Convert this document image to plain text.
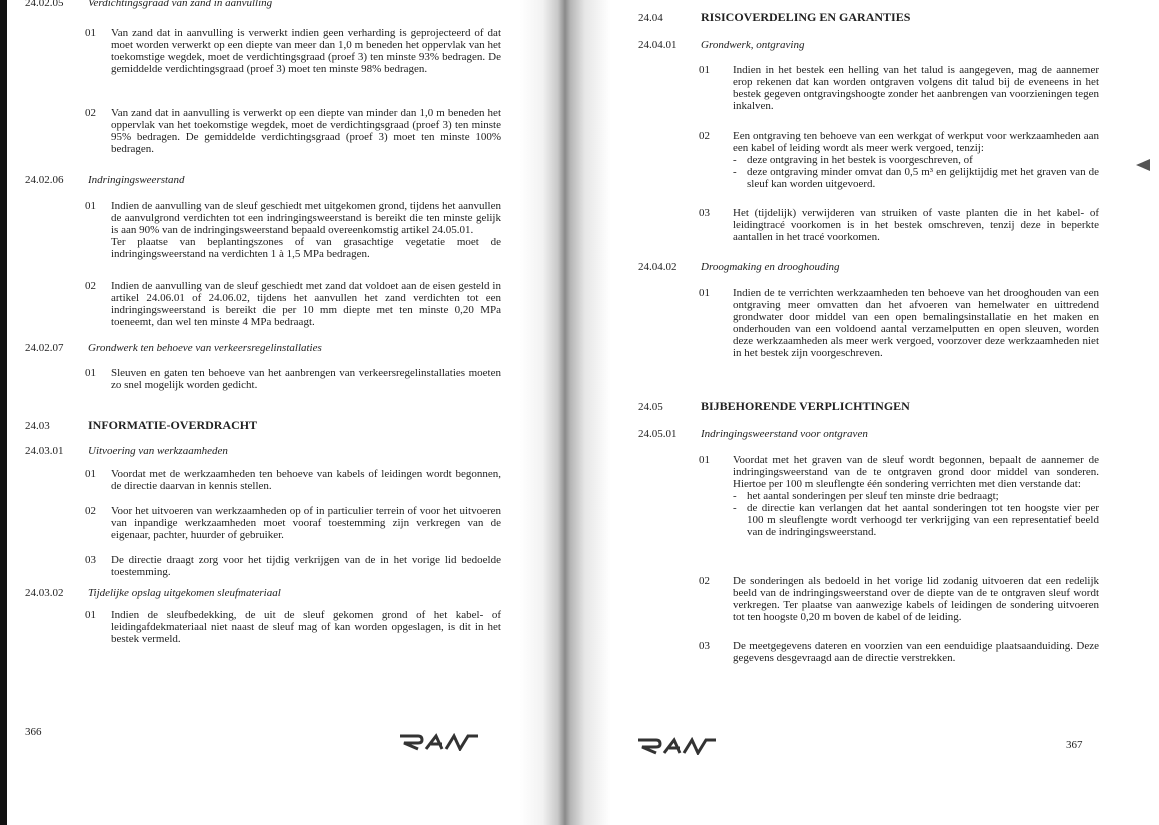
24.02.05 Verdichtingsgraad van zand in aanvulling
01 Van zand dat in aanvulling is verwerkt indien geen verharding is geprojecteerd of dat moet worden verwerkt op een diepte van meer dan 1,0 m beneden het oppervlak van het toekomstige wegdek, moet de verdichtingsgraad (proef 3) ten minste 93% bedragen. De gemiddelde verdichtingsgraad (proef 3) moet ten minste 98% bedragen.
02 Van zand dat in aanvulling is verwerkt op een diepte van minder dan 1,0 m beneden het oppervlak van het toekomstige wegdek, moet de verdichtingsgraad (proef 3) ten minste 95% bedragen. De gemiddelde verdichtingsgraad (proef 3) moet ten minste 100% bedragen.
24.02.06 Indringingsweerstand
01 Indien de aanvulling van de sleuf geschiedt met uitgekomen grond, tijdens het aanvullen de aanvulgrond verdichten tot een indringingsweerstand is bereikt die ten minste gelijk is aan 90% van de indringingsweerstand bepaald overeenkomstig artikel 24.05.01.
Ter plaatse van beplantingszones of van grasachtige vegetatie moet de indringingsweerstand na verdichten 1 à 1,5 MPa bedragen.
02 Indien de aanvulling van de sleuf geschiedt met zand dat voldoet aan de eisen gesteld in artikel 24.06.01 of 24.06.02, tijdens het aanvullen het zand verdichten tot een indringingsweerstand is bereikt die per 10 mm diepte met ten minste 0,20 MPa toeneemt, dan wel ten minste 4 MPa bedraagt.
24.02.07 Grondwerk ten behoeve van verkeersregelinstallaties
01 Sleuven en gaten ten behoeve van het aanbrengen van verkeersregelinstallaties moeten zo snel mogelijk worden gedicht.
24.03	INFORMATIE-OVERDRACHT
24.03.01 Uitvoering van werkzaamheden
01 Voordat met de werkzaamheden ten behoeve van kabels of leidingen wordt begonnen, de directie daarvan in kennis stellen.
02 Voor het uitvoeren van werkzaamheden op of in particulier terrein of voor het uitvoeren van inpandige werkzaamheden moet vooraf toestemming zijn verkregen van de eigenaar, pachter, huurder of gebruiker.
03 De directie draagt zorg voor het tijdig verkrijgen van de in het vorige lid bedoelde toestemming.
24.03.02 Tijdelijke opslag uitgekomen sleufmateriaal
01 Indien de sleufbedekking, de uit de sleuf gekomen grond of het kabel- of leidingafdekmateriaal niet naast de sleuf mag of kan worden opgeslagen, is dit in het bestek vermeld.
366
24.04	RISICOVERDELING EN GARANTIES
24.04.01 Grondwerk, ontgraving
01 Indien in het bestek een helling van het talud is aangegeven, mag de aannemer erop rekenen dat kan worden ontgraven volgens dit talud bij de eveneens in het bestek gegeven ontgravingshoogte zonder het aanbrengen van voorzieningen tegen inkalven.
02 Een ontgraving ten behoeve van een werkgat of werkput voor werkzaamheden aan een kabel of leiding wordt als meer werk vergoed, tenzij:
- deze ontgraving in het bestek is voorgeschreven, of
- deze ontgraving minder omvat dan 0,5 m³ en gelijktijdig met het graven van de sleuf kan worden uitgevoerd.
03 Het (tijdelijk) verwijderen van struiken of vaste planten die in het kabel- of leidingtracé voorkomen is in het bestek omschreven, tenzij deze in beperkte aantallen in het tracé voorkomen.
24.04.02 Droogmaking en drooghouding
01 Indien de te verrichten werkzaamheden ten behoeve van het drooghouden van een ontgraving meer omvatten dan het afvoeren van hemelwater en uittredend grondwater door middel van een open bemalingsinstallatie en het maken en onderhouden van een voldoend aantal verzamelputten en open sleuven, worden deze werkzaamheden als meer werk vergoed, voorzover deze werkzaamheden niet in het bestek zijn voorgeschreven.
24.05	BIJBEHORENDE VERPLICHTINGEN
24.05.01 Indringingsweerstand voor ontgraven
01 Voordat met het graven van de sleuf wordt begonnen, bepaalt de aannemer de indringingsweerstand van de te ontgraven grond door middel van sonderen. Hiertoe per 100 m sleuflengte één sondering verrichten met dien verstande dat:
- het aantal sonderingen per sleuf ten minste drie bedraagt;
- de directie kan verlangen dat het aantal sonderingen tot ten hoogste vier per 100 m sleuflengte wordt verhoogd ter verkrijging van een representatief beeld van de indringingsweerstand.
02 De sonderingen als bedoeld in het vorige lid zodanig uitvoeren dat een redelijk beeld van de indringingsweerstand over de diepte van de te ontgraven sleuf wordt verkregen. Ter plaatse van aanwezige kabels of leidingen de sondering uitvoeren tot ten hoogste 0,20 m boven de kabel of de leiding.
03 De meetgegevens dateren en voorzien van een eenduidige plaatsaanduiding. Deze gegevens desgevraagd aan de directie verstrekken.
367
